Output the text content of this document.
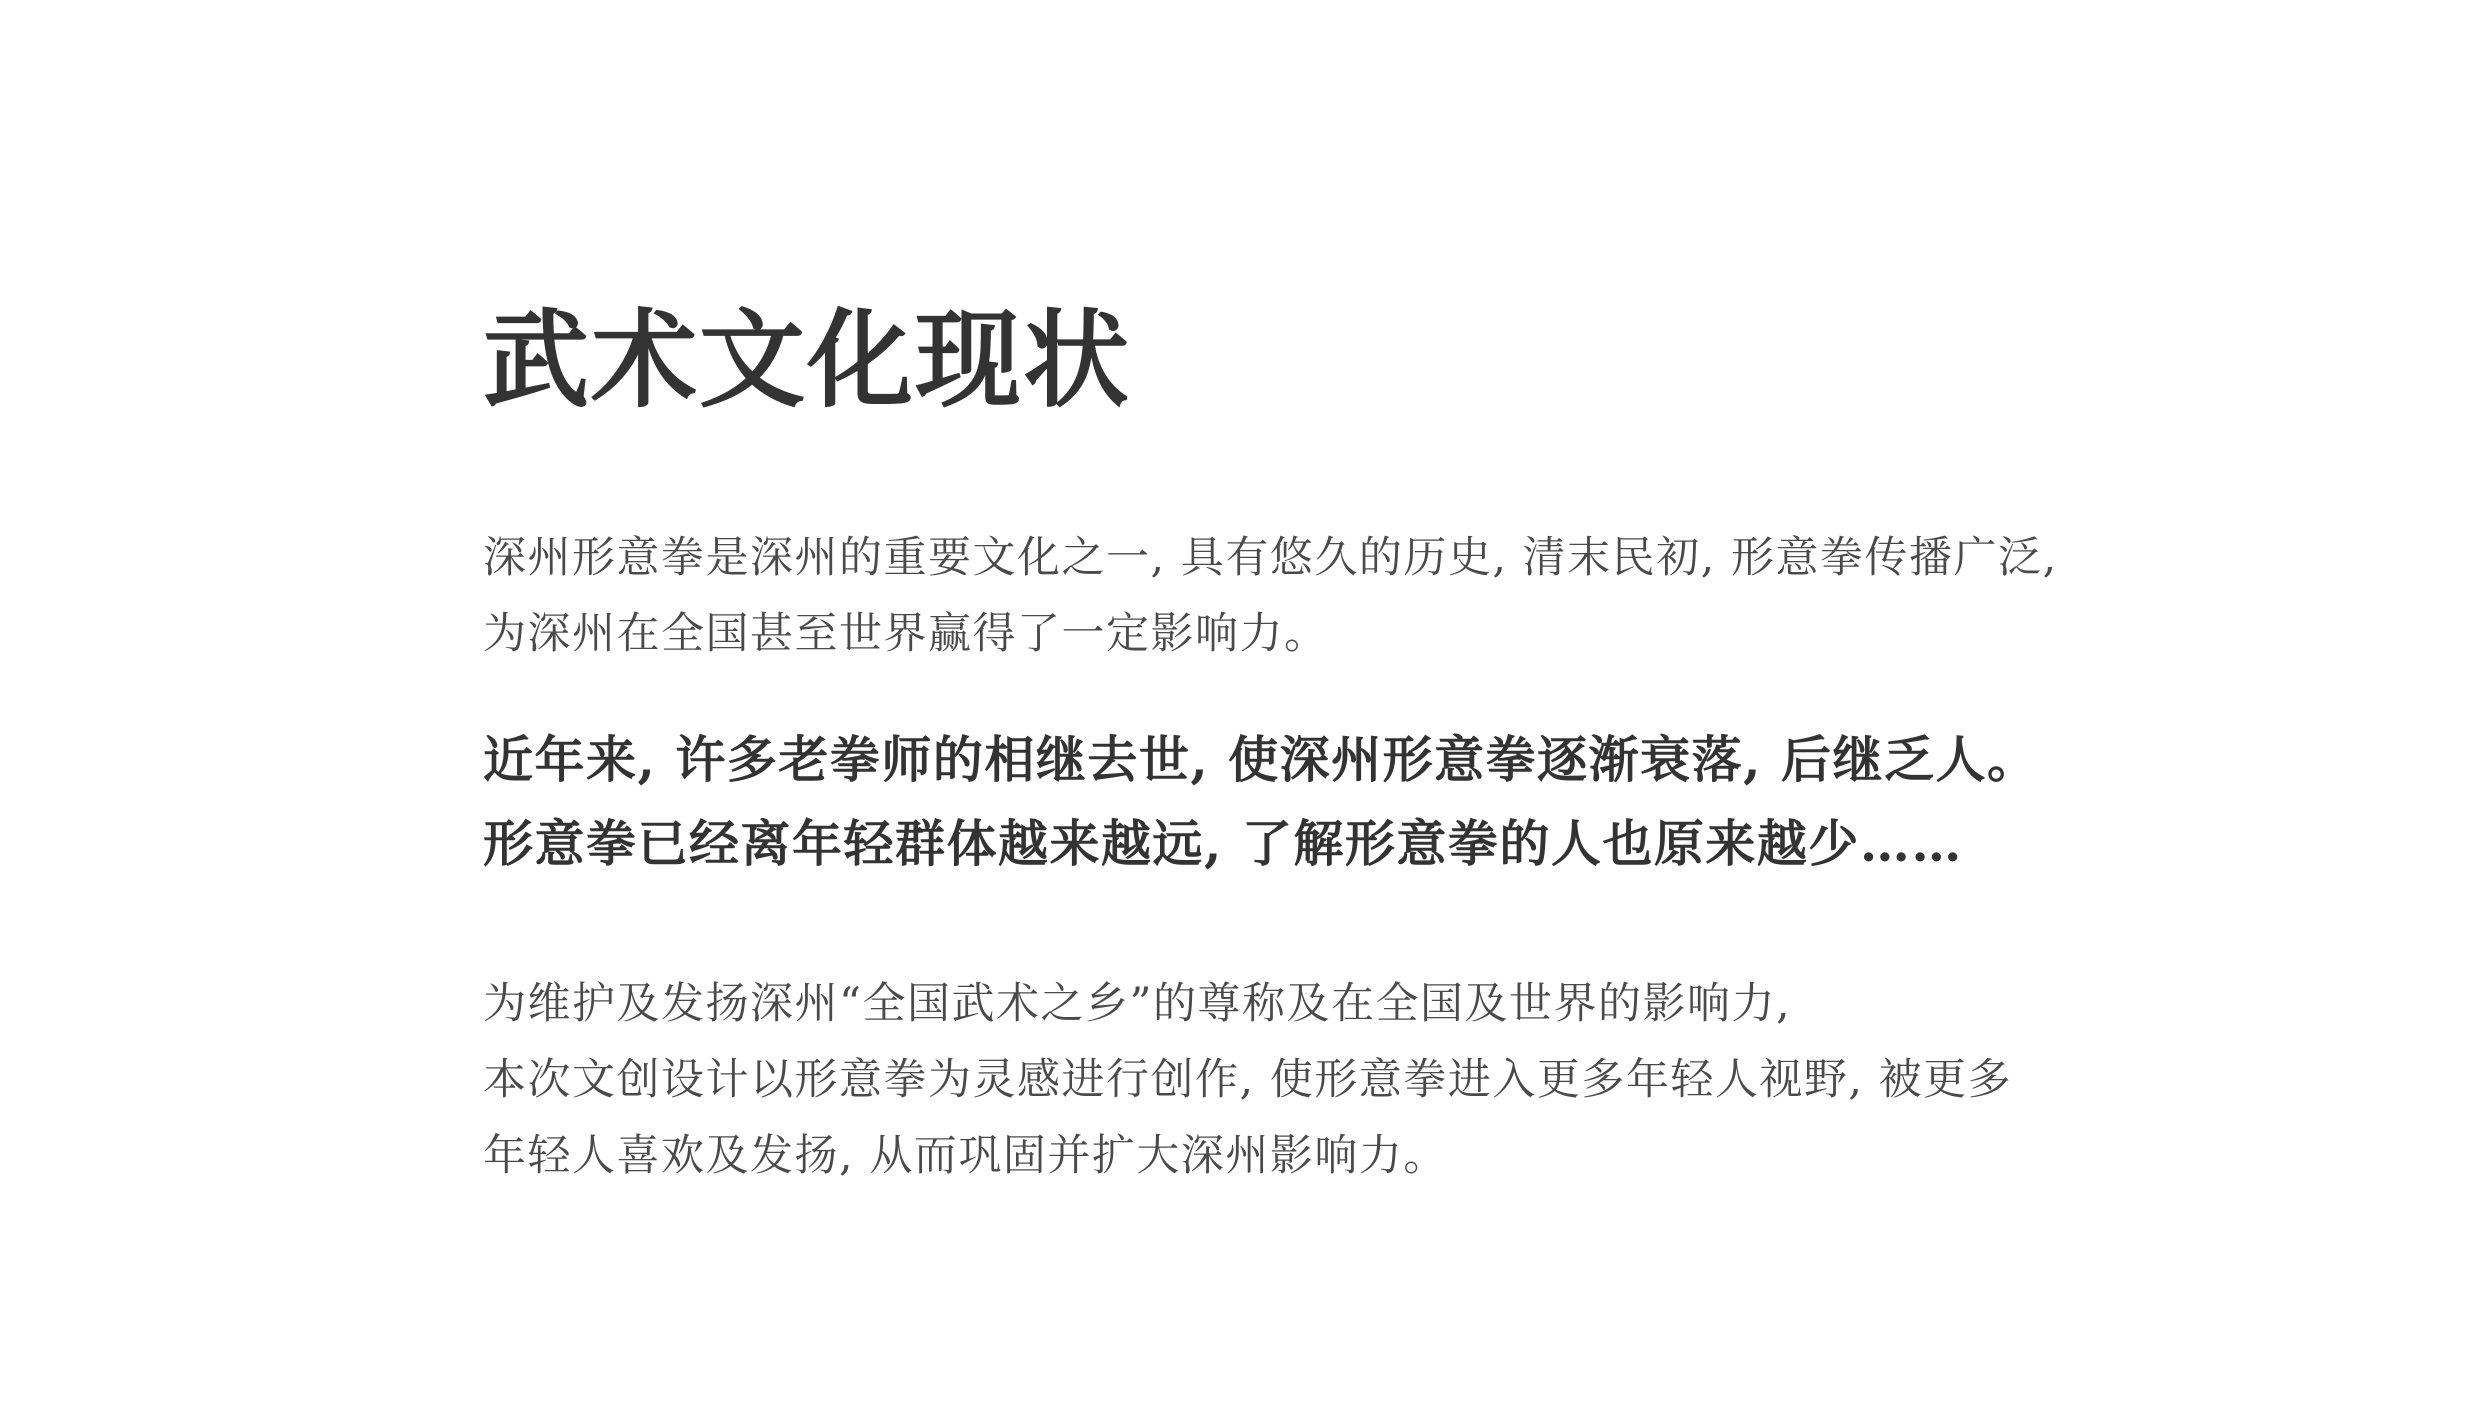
武术文化现状
深州形意拳是深州的重要文化之一, 具有悠久的历史, 清末民初, 形意拳传播广泛,
为深州在全国甚至世界赢得了一定影响力。
近年来, 许多老拳师的相继去世, 使深州形意拳逐渐衰落, 后继乏人。
形意拳已经离年轻群体越来越远, 了解形意拳的人也原来越少……
为维护及发扬深州“全国武术之乡”的尊称及在全国及世界的影响力,
本次文创设计以形意拳为灵感进行创作, 使形意拳进入更多年轻人视野, 被更多
年轻人喜欢及发扬, 从而巩固并扩大深州影响力。
